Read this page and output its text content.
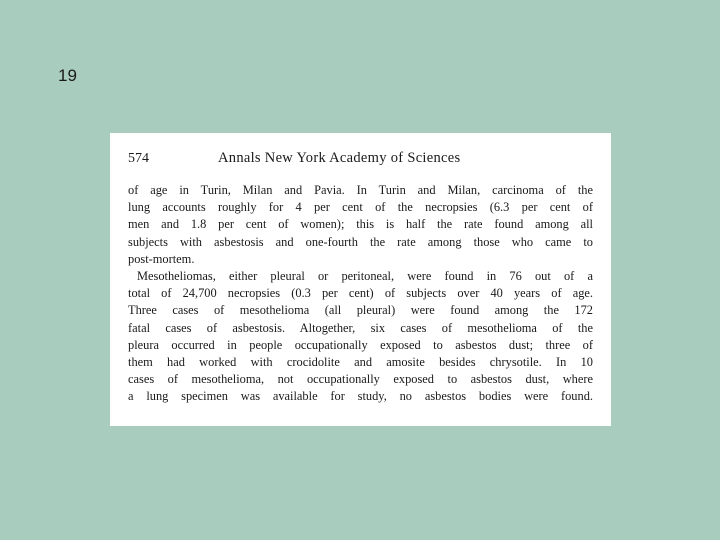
19
574	Annals New York Academy of Sciences

of age in Turin, Milan and Pavia. In Turin and Milan, carcinoma of the
lung accounts roughly for 4 per cent of the necropsies (6.3 per cent of
men and 1.8 per cent of women); this is half the rate found among all
subjects with asbestosis and one-fourth the rate among those who came to
post-mortem.

Mesotheliomas, either pleural or peritoneal, were found in 76 out of a
total of 24,700 necropsies (0.3 per cent) of subjects over 40 years of age.
Three cases of mesothelioma (all pleural) were found among the 172
fatal cases of asbestosis. Altogether, six cases of mesothelioma of the
pleura occurred in people occupationally exposed to asbestos dust; three of
them had worked with crocidolite and amosite besides chrysotile. In 10
cases of mesothelioma, not occupationally exposed to asbestos dust, where
a lung specimen was available for study, no asbestos bodies were found.
